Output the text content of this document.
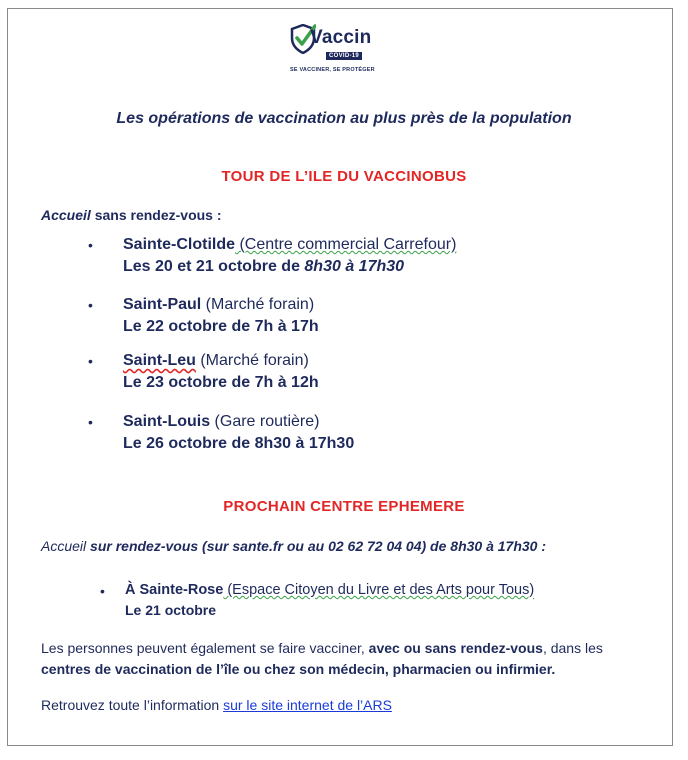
Vaccin
COVID-19
SE VACCINER, SE PROTÉGER
Les opérations de vaccination au plus près de la population
TOUR DE L’ILE DU VACCINOBUS
Accueil sans rendez-vous :
• Sainte-Clotilde (Centre commercial Carrefour)
Les 20 et 21 octobre de 8h30 à 17h30
• Saint-Paul (Marché forain)
Le 22 octobre de 7h à 17h
• Saint-Leu (Marché forain)
Le 23 octobre de 7h à 12h
• Saint-Louis (Gare routière)
Le 26 octobre de 8h30 à 17h30
PROCHAIN CENTRE EPHEMERE
Accueil sur rendez-vous (sur sante.fr ou au 02 62 72 04 04) de 8h30 à 17h30 :
• À Sainte-Rose (Espace Citoyen du Livre et des Arts pour Tous)
Le 21 octobre
Les personnes peuvent également se faire vacciner, avec ou sans rendez-vous, dans les
centres de vaccination de l’île ou chez son médecin, pharmacien ou infirmier.
Retrouvez toute l’information sur le site internet de l’ARS
